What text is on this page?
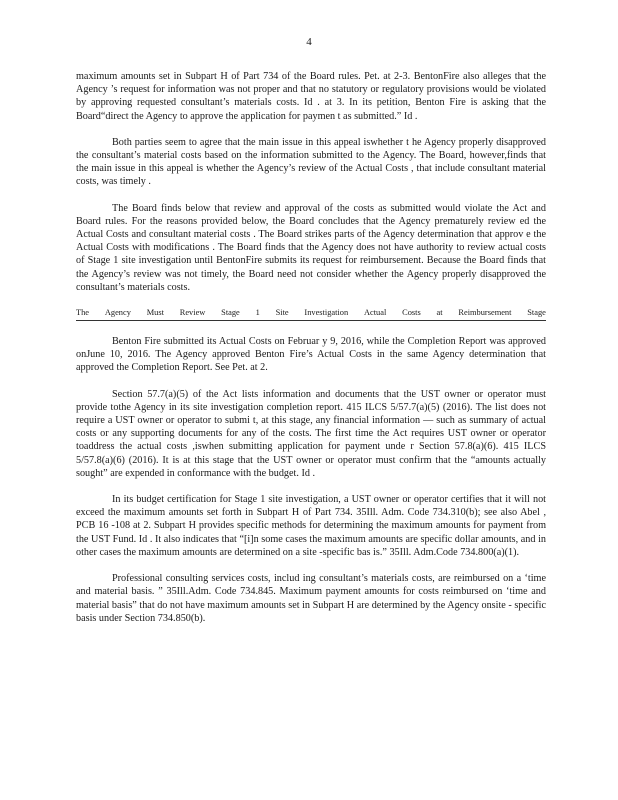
4

maximum amounts set in Subpart H of Part 734 of the Board rules. Pet. at 2-3. BentonFire also alleges that the Agency ’s request for information was not proper and that no statutory or regulatory provisions would be violated by approving requested consultant’s materials costs. Id . at 3. In its petition, Benton Fire is asking that the Board“direct the Agency to approve the application for paymen t as submitted.” Id .

Both parties seem to agree that the main issue in this appeal iswhether t he Agency properly disapproved the consultant’s material costs based on the information submitted to the Agency. The Board, however,finds that the main issue in this appeal is whether the Agency’s review of the Actual Costs , that include consultant material costs, was timely .

The Board finds below that review and approval of the costs as submitted would violate the Act and Board rules. For the reasons provided below, the Board concludes that the Agency prematurely review ed the Actual Costs and consultant material costs . The Board strikes parts of the Agency determination that approv e the Actual Costs with modifications . The Board finds that the Agency does not have authority to review actual costs of Stage 1 site investigation until BentonFire submits its request for reimbursement. Because the Board finds that the Agency’s review was not timely, the Board need not consider whether the Agency properly disapproved the consultant’s materials costs.

The Agency Must Review Stage 1 Site Investigation Actual Costs at Reimbursement Stage

Benton Fire submitted its Actual Costs on Februar y 9, 2016, while the Completion Report was approved onJune 10, 2016. The Agency approved Benton Fire’s Actual Costs in the same Agency determination that approved the Completion Report. See Pet. at 2.

Section 57.7(a)(5) of the Act lists information and documents that the UST owner or operator must provide tothe Agency in its site investigation completion report. 415 ILCS 5/57.7(a)(5) (2016). The list does not require a UST owner or operator to submi t, at this stage, any financial information — such as summary of actual costs or any supporting documents for any of the costs. The first time the Act requires UST owner or operator toaddress the actual costs ,iswhen submitting application for payment unde r Section 57.8(a)(6). 415 ILCS 5/57.8(a)(6) (2016). It is at this stage that the UST owner or operator must confirm that the “amounts actually sought” are expended in conformance with the budget. Id .

In its budget certification for Stage 1 site investigation, a UST owner or operator certifies that it will not exceed the maximum amounts set forth in Subpart H of Part 734. 35Ill. Adm. Code 734.310(b); see also Abel , PCB 16 -108 at 2. Subpart H provides specific methods for determining the maximum amounts for payment from the UST Fund. Id . It also indicates that “[i]n some cases the maximum amounts are specific dollar amounts, and in other cases the maximum amounts are determined on a site -specific bas is.” 35Ill. Adm.Code 734.800(a)(1).

Professional consulting services costs, includ ing consultant’s materials costs, are reimbursed on a ‘time and material basis. ” 35Ill.Adm. Code 734.845. Maximum payment amounts for costs reimbursed on ‘time and material basis” that do not have maximum amounts set in Subpart H are determined by the Agency onsite - specific basis under Section 734.850(b).
